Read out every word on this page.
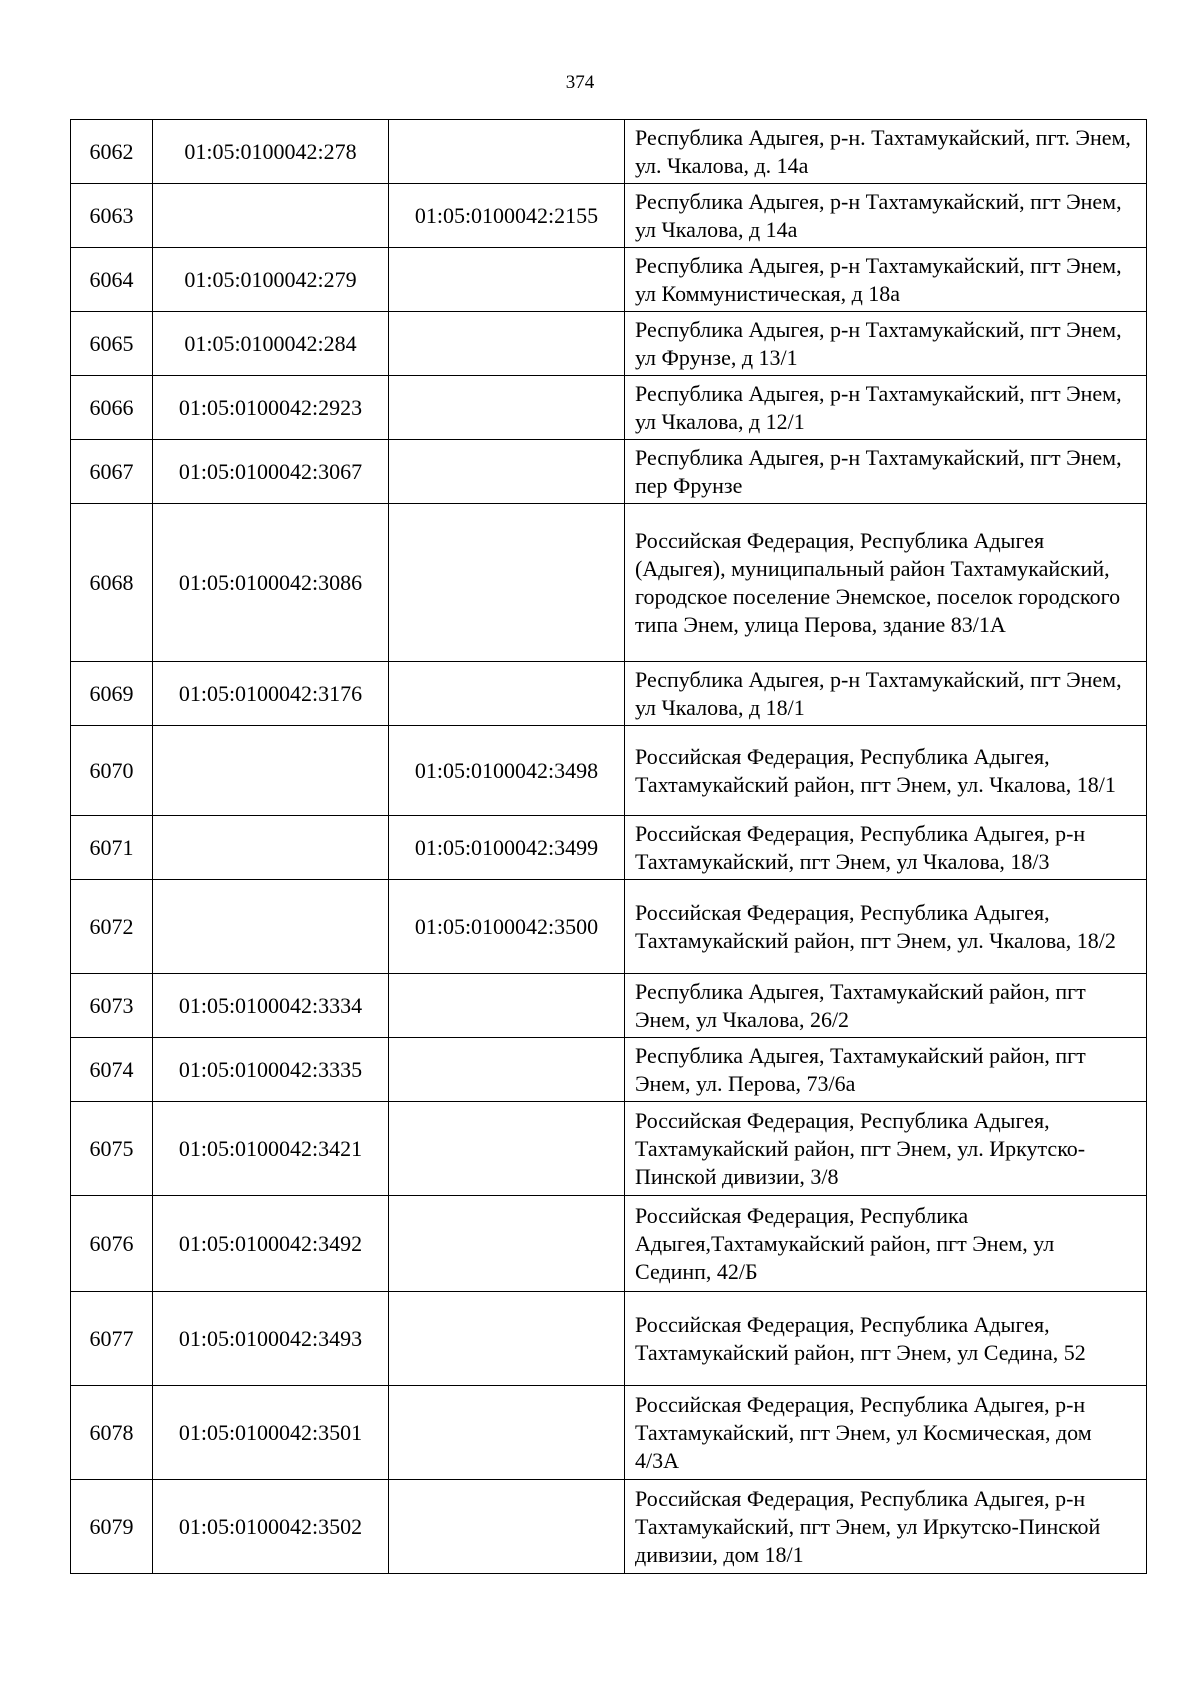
374
6062	01:05:0100042:278		Республика Адыгея, р-н. Тахтамукайский, пгт. Энем, ул. Чкалова, д. 14а
6063		01:05:0100042:2155	Республика Адыгея, р-н Тахтамукайский, пгт Энем, ул Чкалова, д 14а
6064	01:05:0100042:279		Республика Адыгея, р-н Тахтамукайский, пгт Энем, ул Коммунистическая, д 18а
6065	01:05:0100042:284		Республика Адыгея, р-н Тахтамукайский, пгт Энем, ул Фрунзе, д 13/1
6066	01:05:0100042:2923		Республика Адыгея, р-н Тахтамукайский, пгт Энем, ул Чкалова, д 12/1
6067	01:05:0100042:3067		Республика Адыгея, р-н Тахтамукайский, пгт Энем, пер Фрунзе
6068	01:05:0100042:3086		Российская Федерация, Республика Адыгея (Адыгея), муниципальный район Тахтамукайский, городское поселение Энемское, поселок городского типа Энем, улица Перова, здание 83/1А
6069	01:05:0100042:3176		Республика Адыгея, р-н Тахтамукайский, пгт Энем, ул Чкалова, д 18/1
6070		01:05:0100042:3498	Российская Федерация, Республика Адыгея, Тахтамукайский район, пгт Энем, ул. Чкалова, 18/1
6071		01:05:0100042:3499	Российская Федерация, Республика Адыгея, р-н Тахтамукайский, пгт Энем, ул Чкалова, 18/3
6072		01:05:0100042:3500	Российская Федерация, Республика Адыгея, Тахтамукайский район, пгт Энем, ул. Чкалова, 18/2
6073	01:05:0100042:3334		Республика Адыгея, Тахтамукайский район, пгт Энем, ул Чкалова, 26/2
6074	01:05:0100042:3335		Республика Адыгея, Тахтамукайский район, пгт Энем, ул. Перова, 73/6а
6075	01:05:0100042:3421		Российская Федерация, Республика Адыгея, Тахтамукайский район, пгт Энем, ул. Иркутско-Пинской дивизии, 3/8
6076	01:05:0100042:3492		Российская Федерация, Республика Адыгея,Тахтамукайский район, пгт Энем, ул Сединп, 42/Б
6077	01:05:0100042:3493		Российская Федерация, Республика Адыгея, Тахтамукайский район, пгт Энем, ул Седина, 52
6078	01:05:0100042:3501		Российская Федерация, Республика Адыгея, р-н Тахтамукайский, пгт Энем, ул Космическая, дом 4/3А
6079	01:05:0100042:3502		Российская Федерация, Республика Адыгея, р-н Тахтамукайский, пгт Энем, ул Иркутско-Пинской дивизии, дом 18/1
